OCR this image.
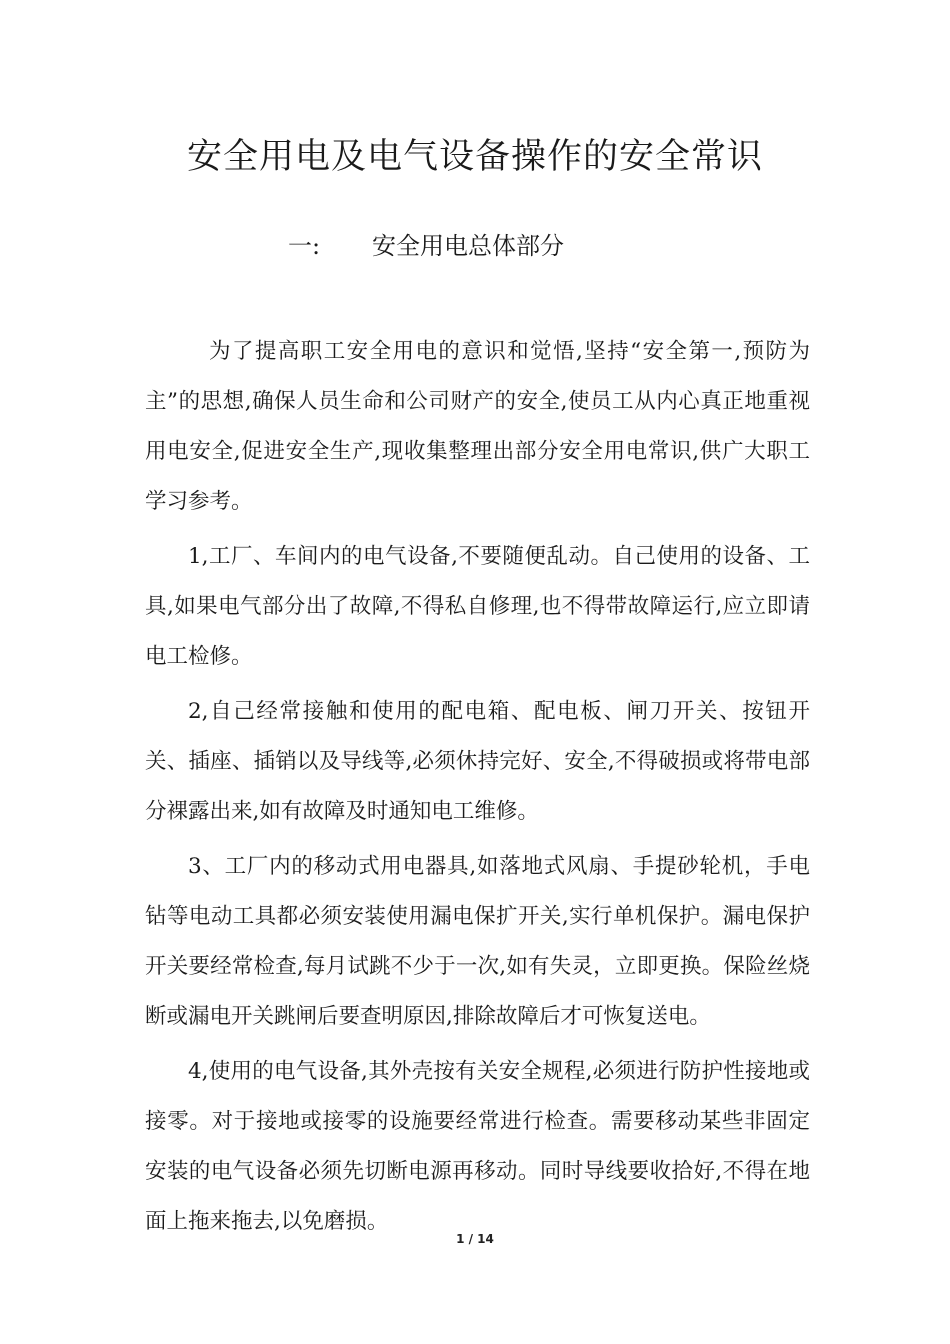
安全用电及电气设备操作的安全常识
一: 安全用电总体部分

为了提高职工安全用电的意识和觉悟,坚持“安全第一,预防为主”的思想,确保人员生命和公司财产的安全,使员工从内心真正地重视用电安全,促进安全生产,现收集整理出部分安全用电常识,供广大职工学习参考。

1,工厂、车间内的电气设备,不要随便乱动。自己使用的设备、工具,如果电气部分出了故障,不得私自修理,也不得带故障运行,应立即请电工检修。

2,自己经常接触和使用的配电箱、配电板、闸刀开关、按钮开关、插座、插销以及导线等,必须休持完好、安全,不得破损或将带电部分裸露出来,如有故障及时通知电工维修。

3、工厂内的移动式用电器具,如落地式风扇、手提砂轮机，手电钻等电动工具都必须安装使用漏电保扩开关,实行单机保护。漏电保护开关要经常检查,每月试跳不少于一次,如有失灵，立即更换。保险丝烧断或漏电开关跳闸后要查明原因,排除故障后才可恢复送电。

4,使用的电气设备,其外壳按有关安全规程,必须进行防护性接地或接零。对于接地或接零的设施要经常进行检查。需要移动某些非固定安装的电气设备必须先切断电源再移动。同时导线要收拾好,不得在地面上拖来拖去,以免磨损。

1 / 14
